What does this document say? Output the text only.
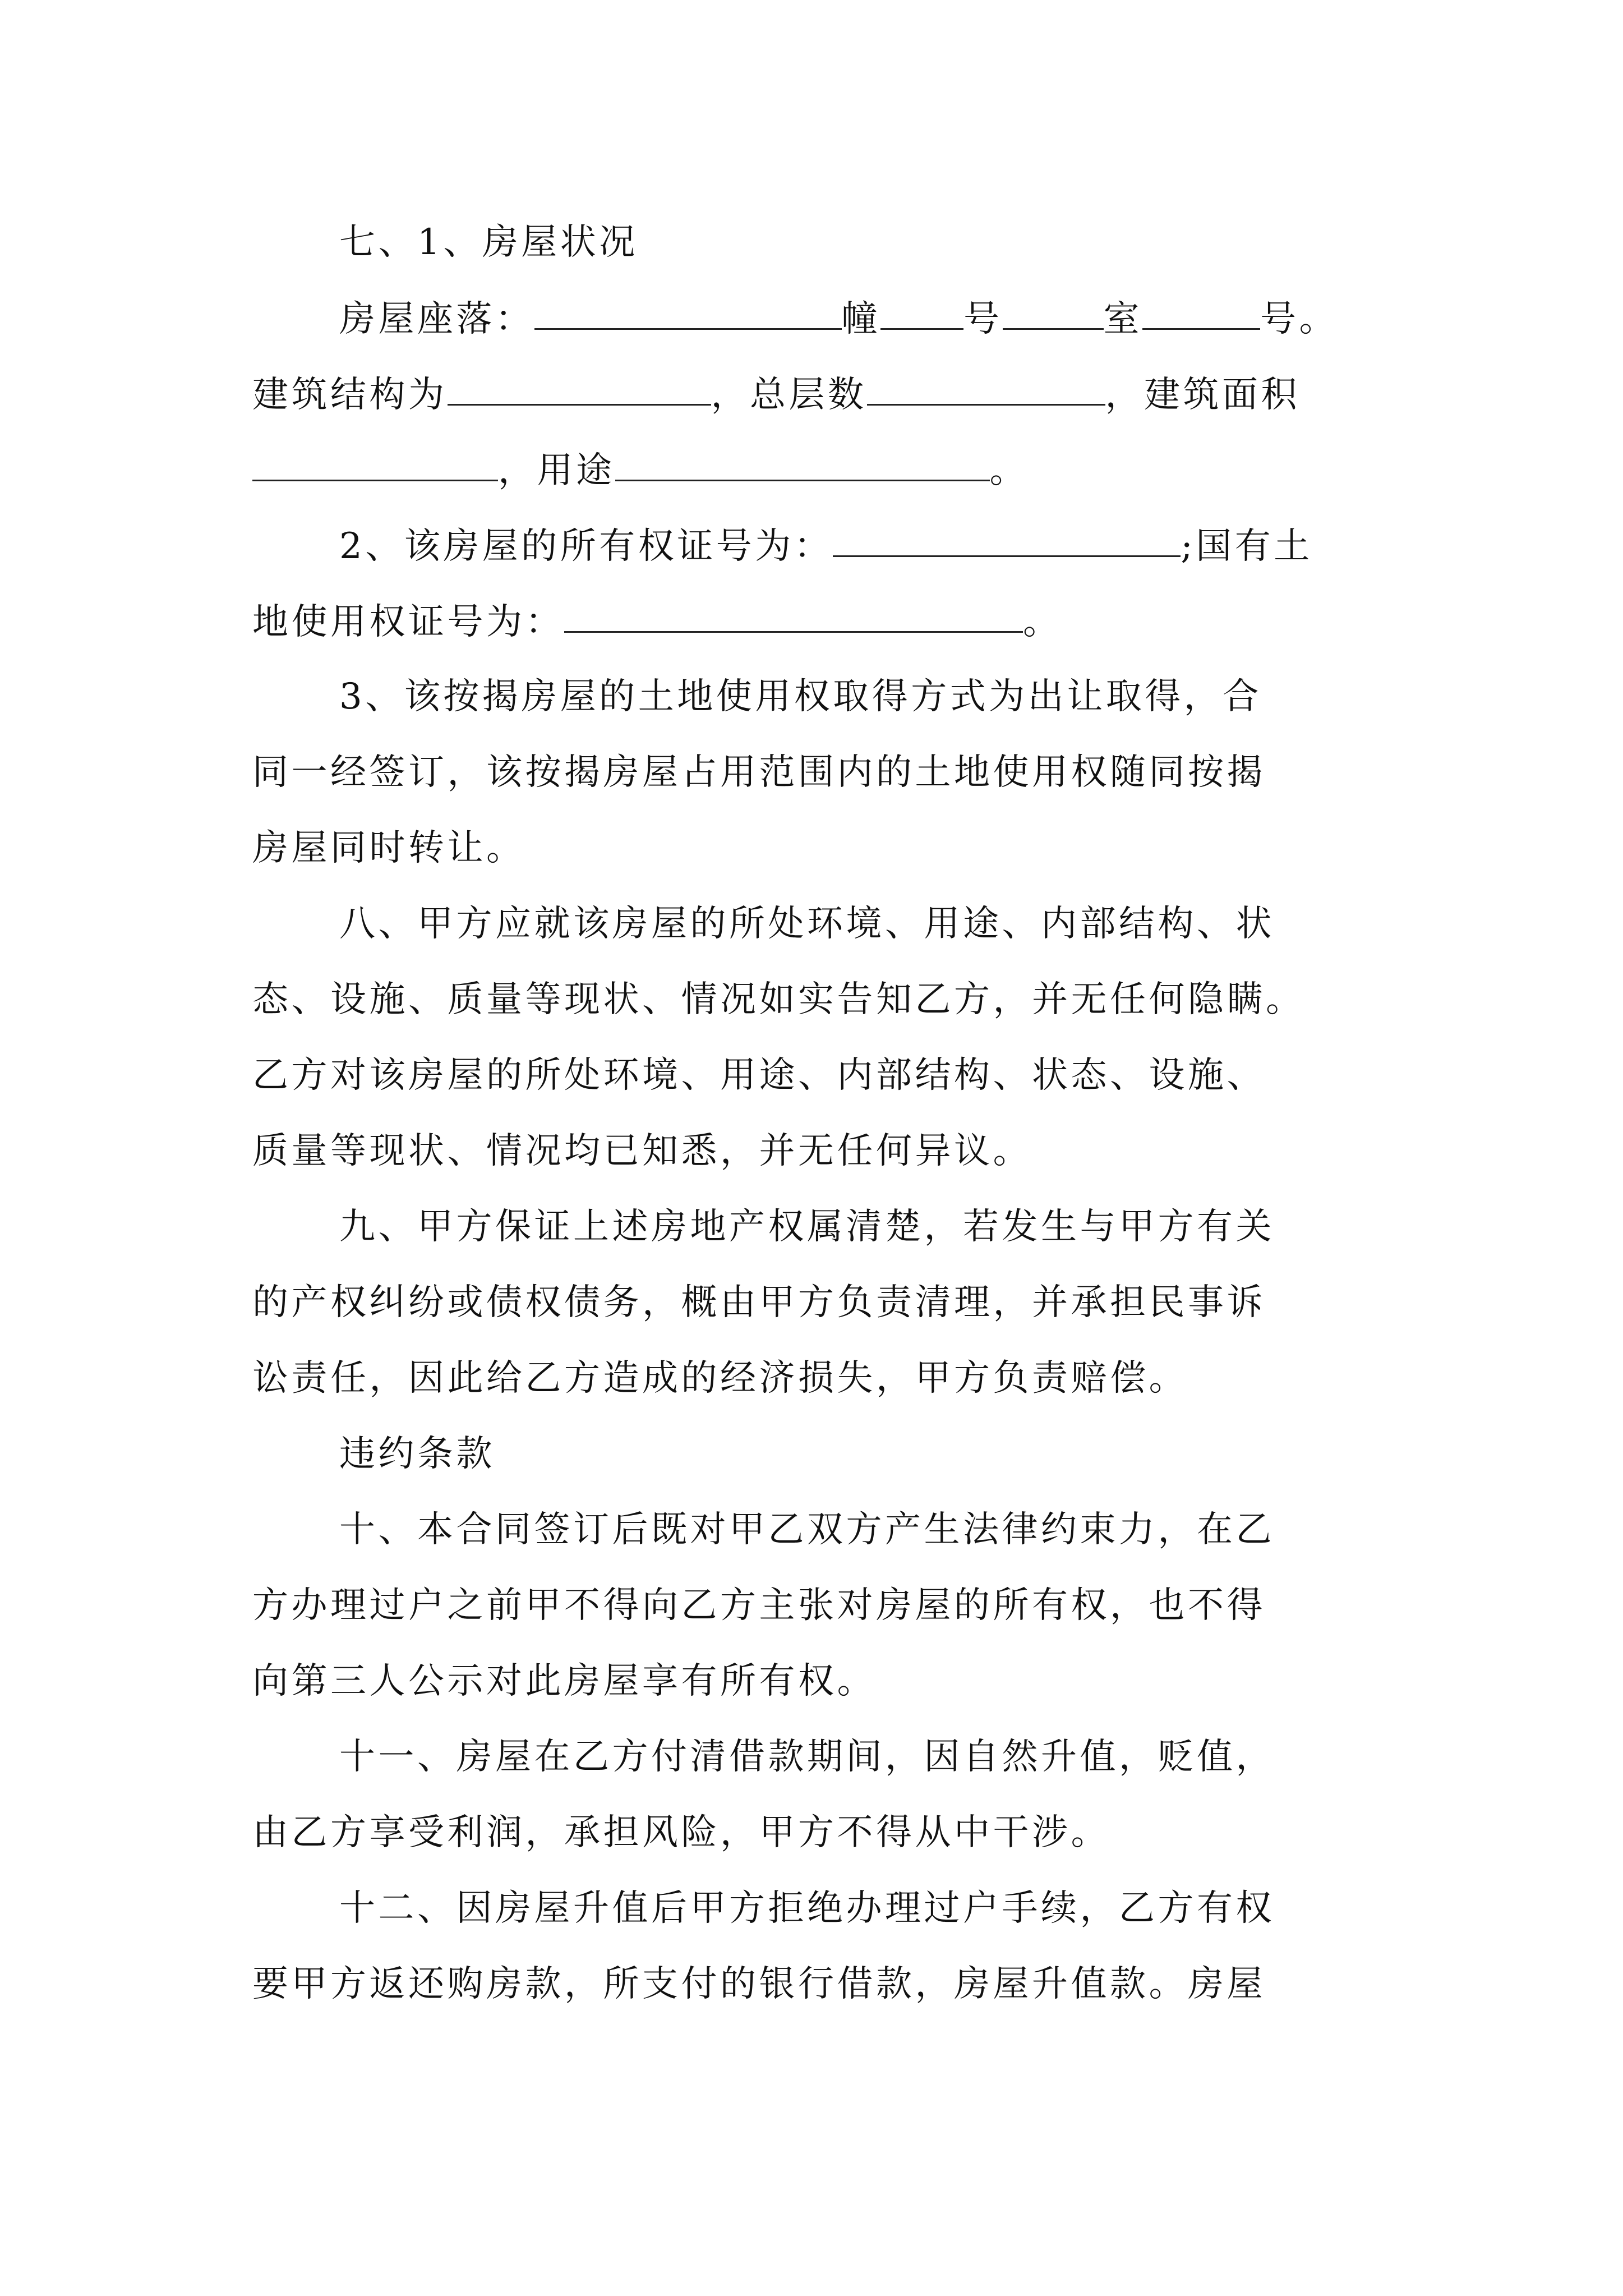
七、1、房屋状况
房屋座落：	幢 号	室	号。
建筑结构为	，总层数	，建筑面积
，用途	。
2、该房屋的所有权证号为：	;国有土
地使用权证号为：	。
3、该按揭房屋的土地使用权取得方式为出让取得，合
同一经签订，该按揭房屋占用范围内的土地使用权随同按揭
房屋同时转让。
八、甲方应就该房屋的所处环境、用途、内部结构、状
态、设施、质量等现状、情况如实告知乙方，并无任何隐瞒。
乙方对该房屋的所处环境、用途、内部结构、状态、设施、
质量等现状、情况均已知悉，并无任何异议。
九、甲方保证上述房地产权属清楚，若发生与甲方有关
的产权纠纷或债权债务，概由甲方负责清理，并承担民事诉
讼责任，因此给乙方造成的经济损失，甲方负责赔偿。
违约条款
十、本合同签订后既对甲乙双方产生法律约束力，在乙
方办理过户之前甲不得向乙方主张对房屋的所有权，也不得
向第三人公示对此房屋享有所有权。
十一、房屋在乙方付清借款期间，因自然升值，贬值，
由乙方享受利润，承担风险，甲方不得从中干涉。
十二、因房屋升值后甲方拒绝办理过户手续，乙方有权
要甲方返还购房款，所支付的银行借款，房屋升值款。房屋
